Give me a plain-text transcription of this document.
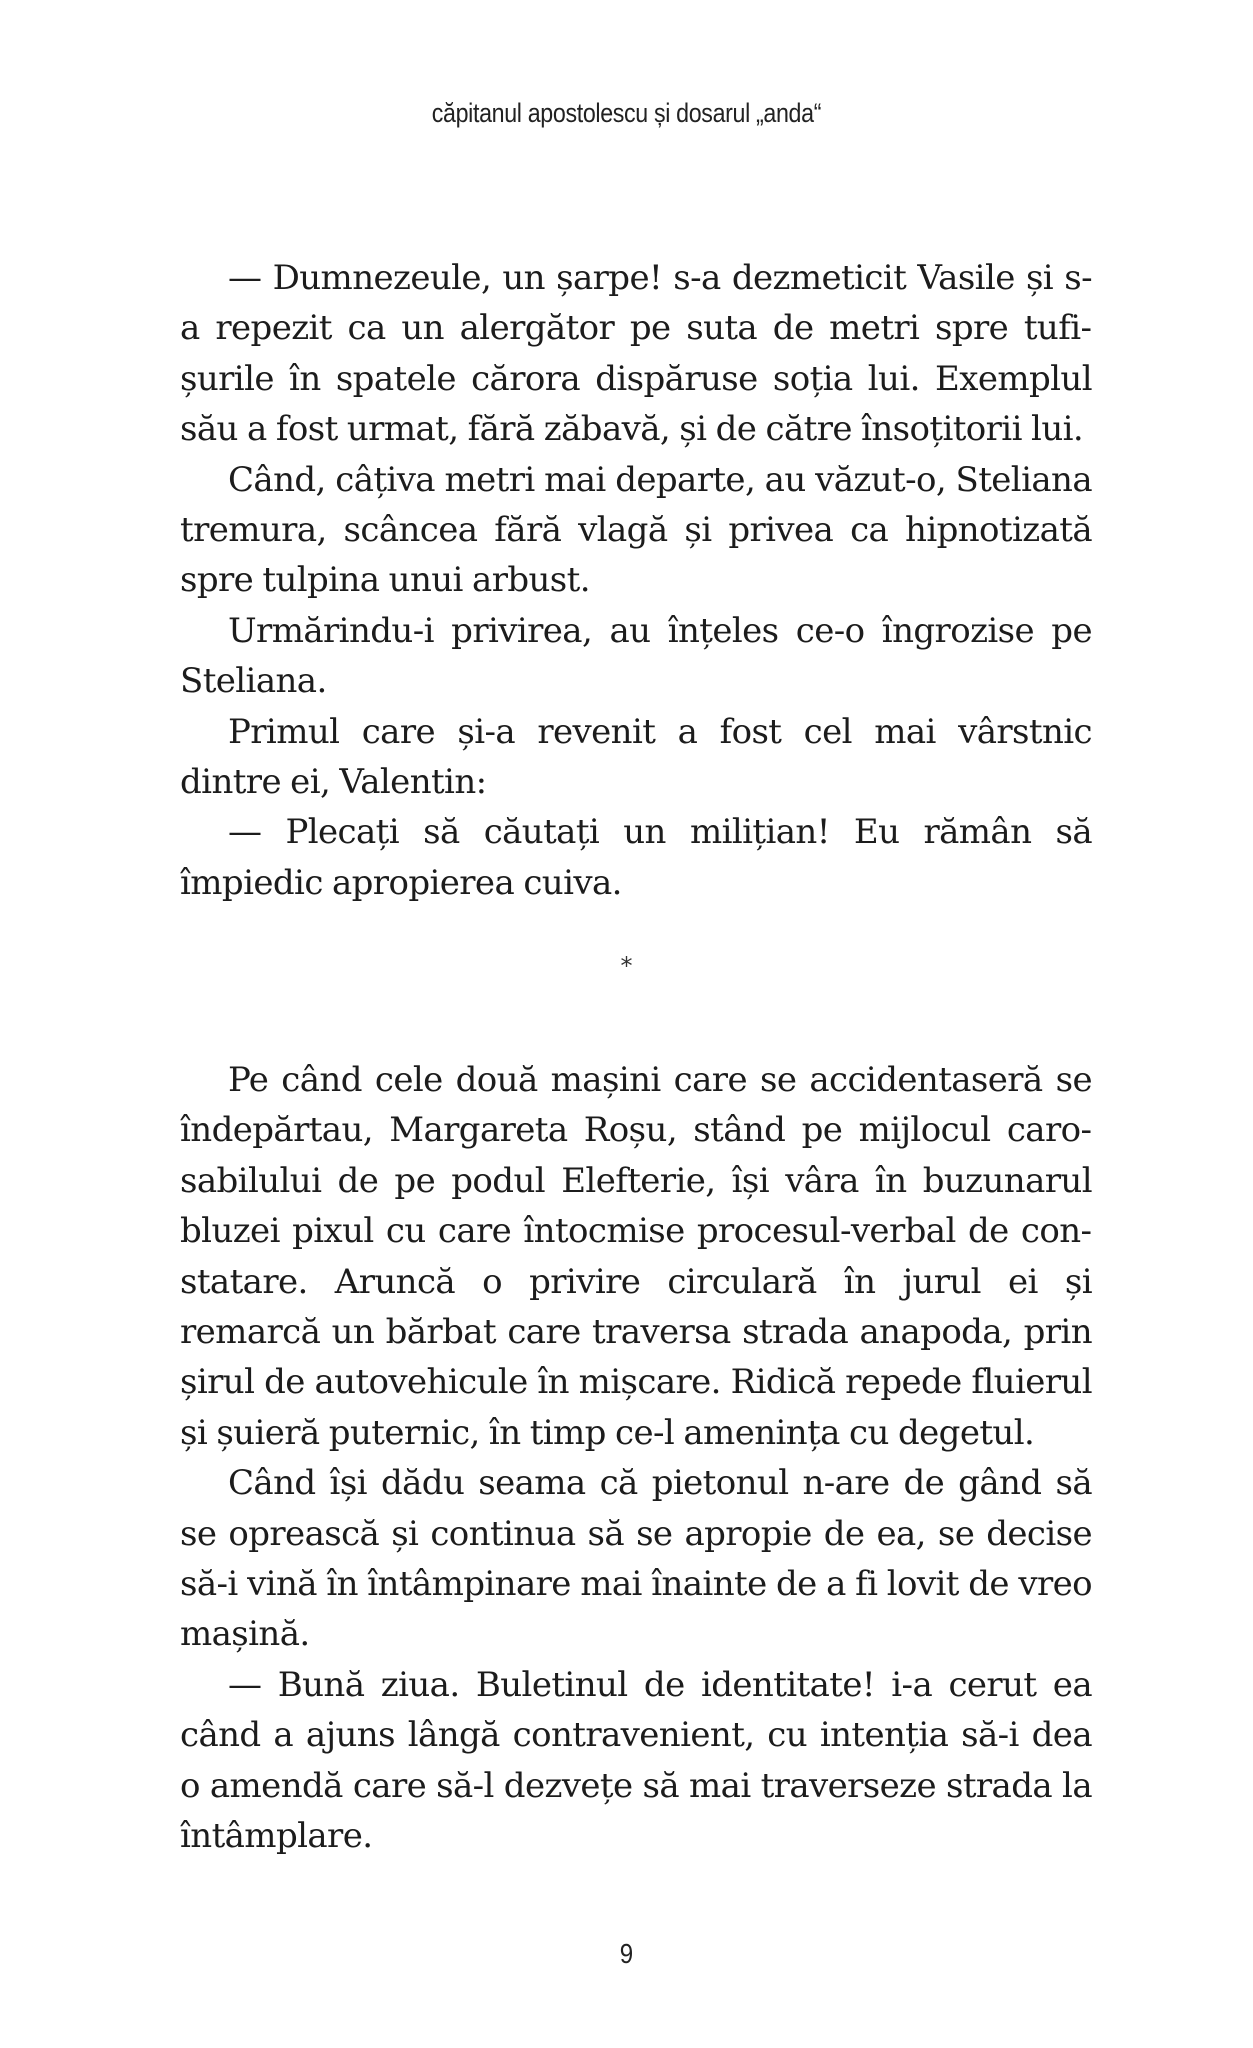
căpitanul apostolescu și dosarul „anda“

— Dumnezeule, un șarpe! s-a dezmeticit Vasile și s-a repezit ca un alergător pe suta de metri spre tufișurile în spatele cărora dispăruse soția lui. Exemplul său a fost urmat, fără zăbavă, și de către însoțitorii lui.

Când, câțiva metri mai departe, au văzut-o, Steliana tremura, scâncea fără vlagă și privea ca hipnotizată spre tulpina unui arbust.

Urmărindu-i privirea, au înțeles ce-o îngrozise pe Steliana.

Primul care și-a revenit a fost cel mai vârstnic dintre ei, Valentin:

— Plecați să căutați un milițian! Eu rămân să împiedic apropierea cuiva.

*

Pe când cele două mașini care se accidentaseră se îndepărtau, Margareta Roșu, stând pe mijlocul carosabilului de pe podul Elefterie, își vâra în buzunarul bluzei pixul cu care întocmise procesul-verbal de constatare. Aruncă o privire circulară în jurul ei și remarcă un bărbat care traversa strada anapoda, prin șirul de autovehicule în mișcare. Ridică repede fluierul și șuieră puternic, în timp ce-l amenința cu degetul.

Când își dădu seama că pietonul n-are de gând să se oprească și continua să se apropie de ea, se decise să-i vină în întâmpinare mai înainte de a fi lovit de vreo mașină.

— Bună ziua. Buletinul de identitate! i-a cerut ea când a ajuns lângă contravenient, cu intenția să-i dea o amendă care să-l dezvețe să mai traverseze strada la întâmplare.

9
